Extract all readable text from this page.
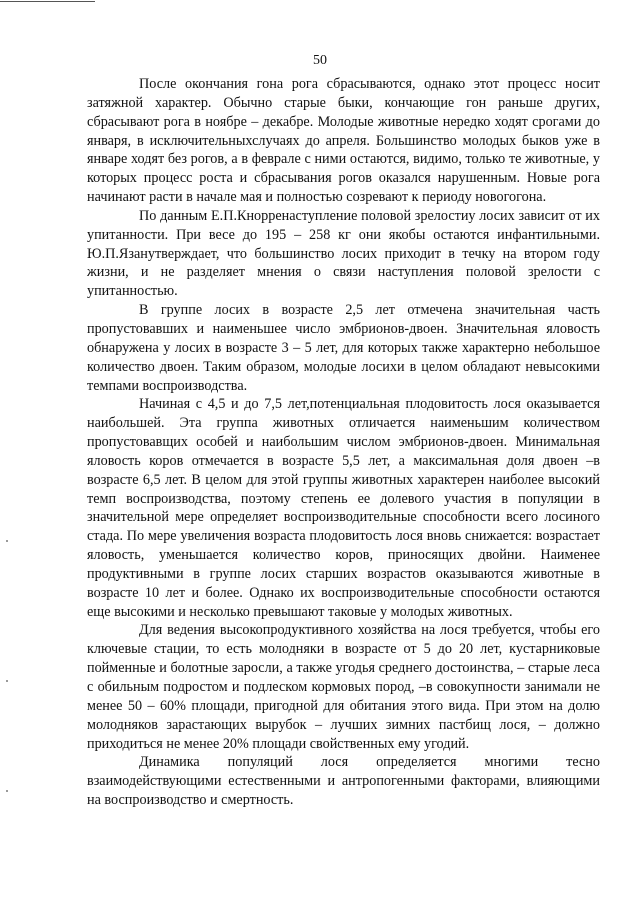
50

После окончания гона рога сбрасываются, однако этот процесс носит затяжной характер. Обычно старые быки, кончающие гон раньше других, сбрасывают рога в ноябре – декабре. Молодые животные нередко ходят срогами до января, в исключительныхслучаях до апреля. Большинство молодых быков уже в январе ходят без рогов, а в феврале с ними остаются, видимо, только те животные, у которых процесс роста и сбрасывания рогов оказался нарушенным. Новые рога начинают расти в начале мая и полностью созревают к периоду новогогона.

По данным Е.П.Кнорренаступление половой зрелостиу лосих зависит от их упитанности. При весе до 195 – 258 кг они якобы остаются инфантильными. Ю.П.Язанутверждает, что большинство лосих приходит в течку на втором году жизни, и не разделяет мнения о связи наступления половой зрелости с упитанностью.

В группе лосих в возрасте 2,5 лет отмечена значительная часть пропустовавших и наименьшее число эмбрионов-двоен. Значительная яловость обнаружена у лосих в возрасте 3 – 5 лет, для которых также характерно небольшое количество двоен. Таким образом, молодые лосихи в целом обладают невысокими темпами воспроизводства.

Начиная с 4,5 и до 7,5 лет,потенциальная плодовитость лося оказывается наибольшей. Эта группа животных отличается наименьшим количеством пропустовавщих особей и наибольшим числом эмбрионов-двоен. Минимальная яловость коров отмечается в возрасте 5,5 лет, а максимальная доля двоен –в возрасте 6,5 лет. В целом для этой группы животных характерен наиболее высокий темп воспроизводства, поэтому степень ее долевого участия в популяции в значительной мере определяет воспроизводительные способности всего лосиного стада. По мере увеличения возраста плодовитость лося вновь снижается: возрастает яловость, уменьшается количество коров, приносящих двойни. Наименее продуктивными в группе лосих старших возрастов оказываются животные в возрасте 10 лет и более. Однако их воспроизводительные способности остаются еще высокими и несколько превышают таковые у молодых животных.

Для ведения высокопродуктивного хозяйства на лося требуется, чтобы его ключевые стации, то есть молодняки в возрасте от 5 до 20 лет, кустарниковые пойменные и болотные заросли, а также угодья среднего достоинства, – старые леса с обильным подростом и подлеском кормовых пород, –в совокупности занимали не менее 50 – 60% площади, пригодной для обитания этого вида. При этом на долю молодняков зарастающих вырубок – лучших зимних пастбищ лося, – должно приходиться не менее 20% площади свойственных ему угодий.

Динамика популяций лося определяется многими тесно взаимодействующими естественными и антропогенными факторами, влияющими на воспроизводство и смертность.
